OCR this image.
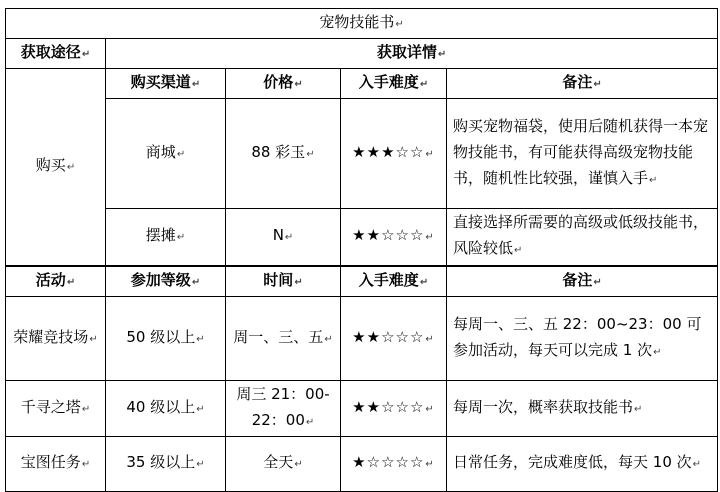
宠物技能书↵				
获取途径↵	获取详情↵			
购买↵	购买渠道↵	价格↵	入手难度↵	备注↵
	商城↵	88 彩玉↵	★★★☆☆↵	购买宠物福袋，使用后随机获得一本宠物技能书，有可能获得高级宠物技能书，随机性比较强，谨慎入手↵
	摆摊↵	N↵	★★☆☆☆↵	直接选择所需要的高级或低级技能书，风险较低↵
活动↵	参加等级↵	时间↵	入手难度↵	备注↵
荣耀竞技场↵	50 级以上↵	周一、三、五↵	★★☆☆☆↵	每周一、三、五 22：00~23：00 可参加活动，每天可以完成 1 次↵
千寻之塔↵	40 级以上↵	周三 21：00-22：00↵	★★☆☆☆↵	每周一次，概率获取技能书↵
宝图任务↵	35 级以上↵	全天↵	★☆☆☆☆↵	日常任务，完成难度低，每天 10 次↵
